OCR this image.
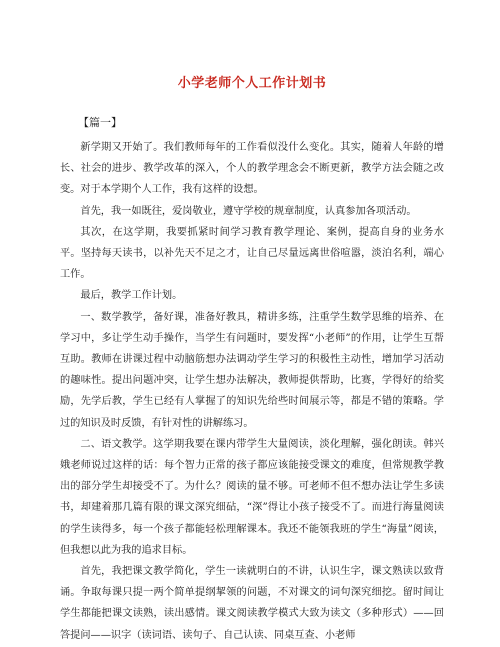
小学老师个人工作计划书
【篇一】

新学期又开始了。我们教师每年的工作看似没什么变化。其实，随着人年龄的增长、社会的进步、教学改革的深入，个人的教学理念会不断更新，教学方法会随之改变。对于本学期个人工作，我有这样的设想。

首先，我一如既往，爱岗敬业，遵守学校的规章制度，认真参加各项活动。

其次，在这学期，我要抓紧时间学习教育教学理论、案例，提高自身的业务水平。坚持每天读书，以补先天不足之才，让自己尽量远离世俗喧嚣，淡泊名利，端心工作。

最后，教学工作计划。

一、数学教学，备好课，准备好教具，精讲多练，注重学生数学思维的培养、在学习中，多让学生动手操作，当学生有问题时，要发挥“小老师”的作用，让学生互帮互助。教师在讲课过程中动脑筋想办法调动学生学习的积极性主动性，增加学习活动的趣味性。提出问题冲突，让学生想办法解决，教师提供帮助，比赛，学得好的给奖励，先学后教，学生已经有人掌握了的知识先给些时间展示等，都是不错的策略。学过的知识及时反馈，有针对性的讲解练习。

二、语文教学。这学期我要在课内带学生大量阅读，淡化理解，强化朗读。韩兴娥老师说过这样的话：每个智力正常的孩子都应该能接受课文的难度，但常规教学教出的部分学生却接受不了。为什么？阅读的量不够。可老师不但不想办法让学生多读书，却建着那几篇有限的课文深究细砧，“深”得让小孩子接受不了。而进行海量阅读的学生读得多，每一个孩子都能轻松理解课本。我还不能领我班的学生“海量”阅读，但我想以此为我的追求目标。

首先，我把课文教学简化，学生一读就明白的不讲，认识生字，课文熟读以致背诵。争取每课只提一两个简单提纲挈领的问题，不对课文的词句深究细挖。留时间让学生都能把课文读熟，读出感情。课文阅读教学模式大致为读文（多种形式）——回答提问——识字（读词语、读句子、自己认读、同桌互查、小老师
